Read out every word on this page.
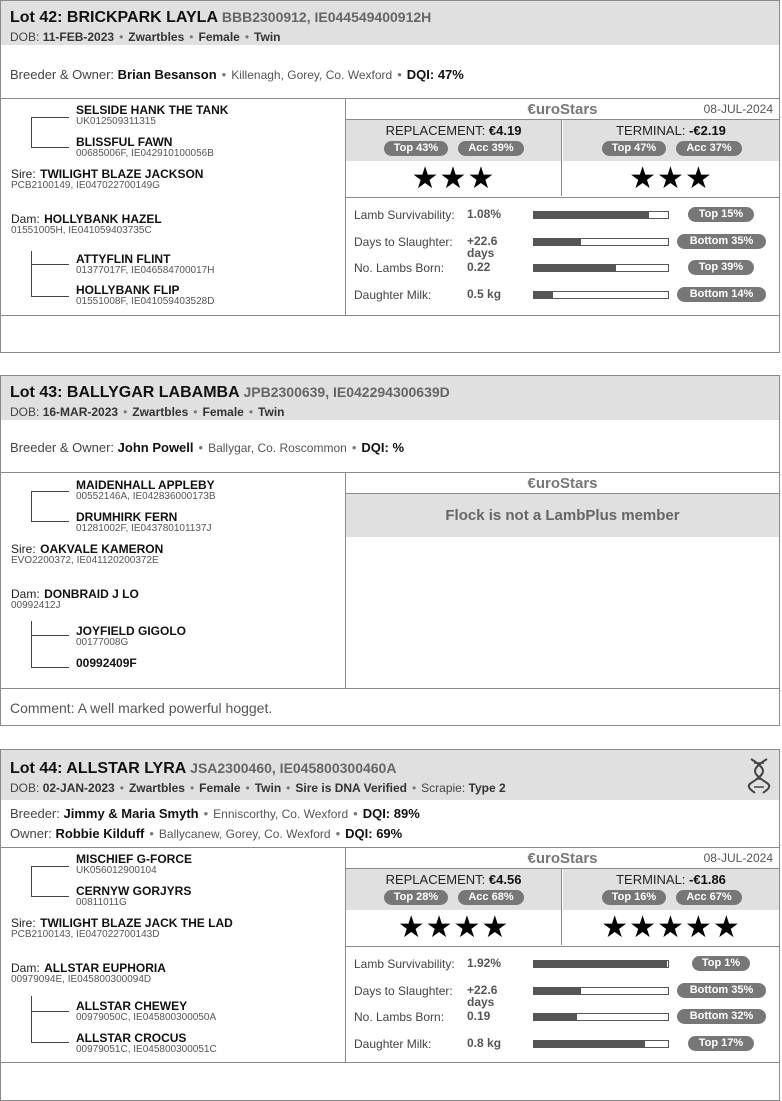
Lot 42: BRICKPARK LAYLA BBB2300912, IE044549400912H
DOB: 11-FEB-2023 • Zwartbles • Female • Twin
Breeder & Owner: Brian Besanson • Killenagh, Gorey, Co. Wexford • DQI: 47%
SELSIDE HANK THE TANK
UK012509311315
BLISSFUL FAWN
00685006F, IE042910100056B
Sire: TWILIGHT BLAZE JACKSON
PCB2100149, IE047022700149G
Dam: HOLLYBANK HAZEL
01551005H, IE041059403735C
ATTYFLIN FLINT
01377017F, IE046584700017H
HOLLYBANK FLIP
01551008F, IE041059403528D
€uroStars	08-JUL-2024
REPLACEMENT: €4.19
Top 43%	Acc 39%
★★★
TERMINAL: -€2.19
Top 47%	Acc 37%
★★★
Lamb Survivability: 1.08%	Top 15%
Days to Slaughter: +22.6 days
Bottom 35%
No. Lambs Born: 0.22	Top 39%
Daughter Milk:	0.5 kg	Bottom 14%
Lot 43: BALLYGAR LABAMBA JPB2300639, IE042294300639D
DOB: 16-MAR-2023 • Zwartbles • Female • Twin
Breeder & Owner: John Powell • Ballygar, Co. Roscommon • DQI: %
MAIDENHALL APPLEBY
00552146A, IE042836000173B
DRUMHIRK FERN
01281002F, IE043780101137J
Sire: OAKVALE KAMERON
EVO2200372, IE041120200372E
Dam: DONBRAID J LO
00992412J
JOYFIELD GIGOLO
00177008G
00992409F
€uroStars
Flock is not a LambPlus member
Comment: A well marked powerful hogget.
Lot 44: ALLSTAR LYRA JSA2300460, IE045800300460A
DOB: 02-JAN-2023 • Zwartbles • Female • Twin • Sire is DNA Verified • Scrapie: Type 2
Breeder: Jimmy & Maria Smyth • Enniscorthy, Co. Wexford • DQI: 89%
Owner: Robbie Kilduff • Ballycanew, Gorey, Co. Wexford • DQI: 69%
MISCHIEF G-FORCE
UK056012900104
CERNYW GORJYRS
00811011G
Sire: TWILIGHT BLAZE JACK THE LAD
PCB2100143, IE047022700143D
Dam: ALLSTAR EUPHORIA
00979094E, IE045800300094D
ALLSTAR CHEWEY
00979050C, IE045800300050A
ALLSTAR CROCUS
00979051C, IE045800300051C
€uroStars	08-JUL-2024
REPLACEMENT: €4.56
Top 28%	Acc 68%
★★★★
TERMINAL: -€1.86
Top 16%	Acc 67%
★★★★★
Lamb Survivability: 1.92%	Top 1%
Days to Slaughter: +22.6 days
Bottom 35%
No. Lambs Born: 0.19	Bottom 32%
Daughter Milk:	0.8 kg	Top 17%
